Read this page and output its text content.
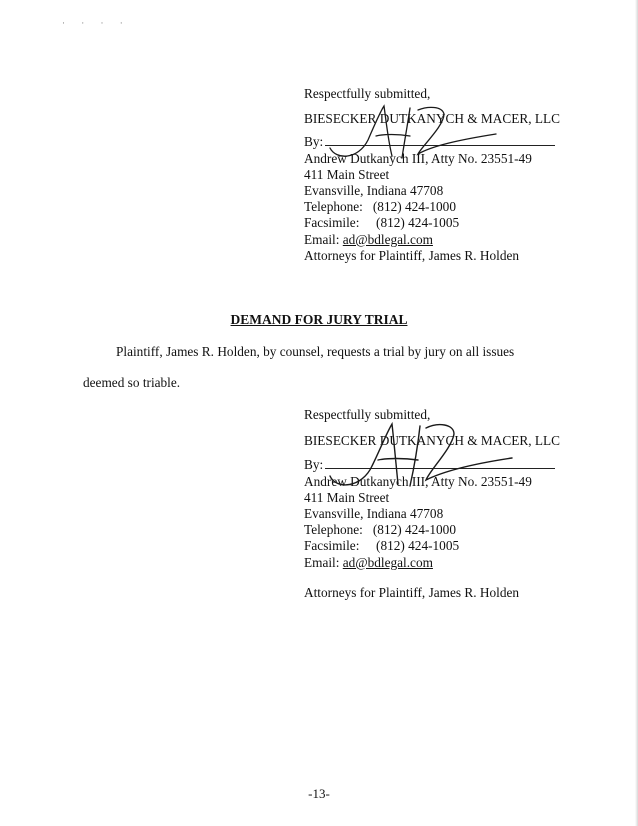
· · · ·
Respectfully submitted,
BIESECKER DUTKANYCH & MACER, LLC
By:
Andrew Dutkanych III, Atty No. 23551-49
411 Main Street
Evansville, Indiana 47708
Telephone: (812) 424-1000
Facsimile: (812) 424-1005
Email: ad@bdlegal.com
Attorneys for Plaintiff, James R. Holden
DEMAND FOR JURY TRIAL
Plaintiff, James R. Holden, by counsel, requests a trial by jury on all issues
deemed so triable.
Respectfully submitted,
BIESECKER DUTKANYCH & MACER, LLC
By:
Andrew Dutkanych III, Atty No. 23551-49
411 Main Street
Evansville, Indiana 47708
Telephone: (812) 424-1000
Facsimile: (812) 424-1005
Email: ad@bdlegal.com
Attorneys for Plaintiff, James R. Holden
-13-
